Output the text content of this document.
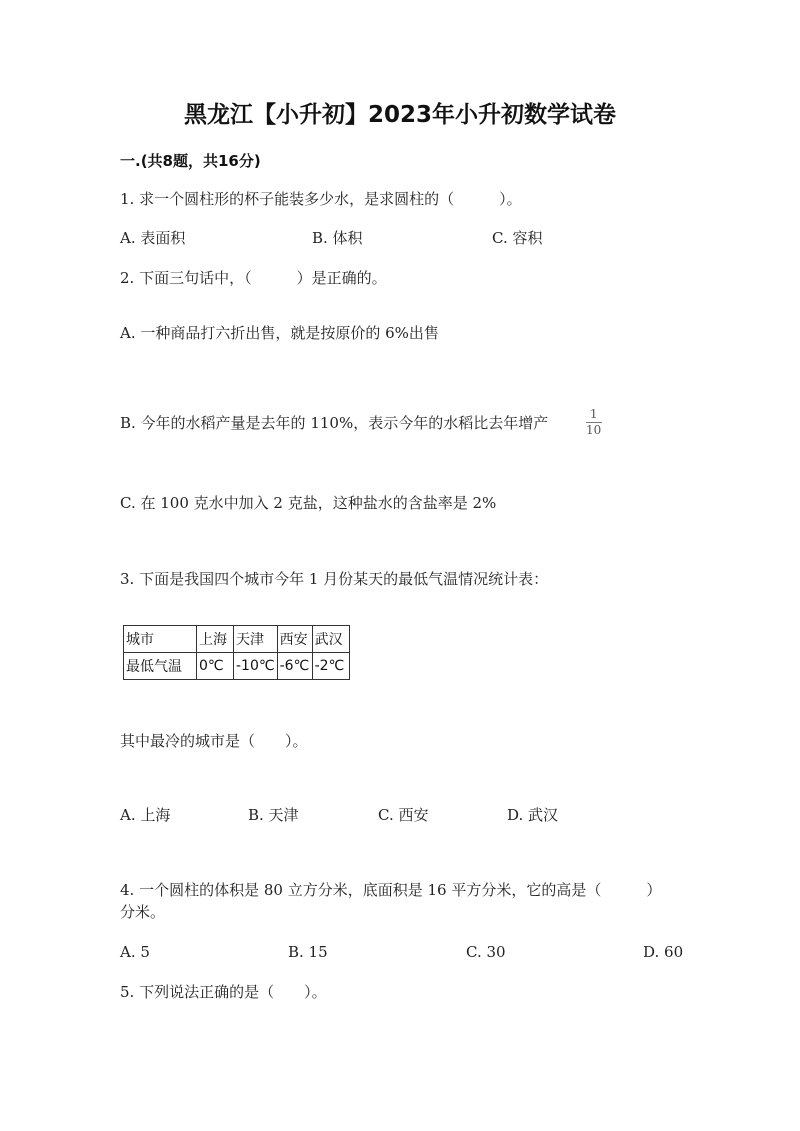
黑龙江【小升初】2023年小升初数学试卷
一.(共8题，共16分)
1. 求一个圆柱形的杯子能装多少水，是求圆柱的（　　　）。
A. 表面积	B. 体积	C. 容积
2. 下面三句话中，（　　　）是正确的。
A. 一种商品打六折出售，就是按原价的 6%出售
B. 今年的水稻产量是去年的 110%，表示今年的水稻比去年增产	1
10
C. 在 100 克水中加入 2 克盐，这种盐水的含盐率是 2%
3. 下面是我国四个城市今年 1 月份某天的最低气温情况统计表：
城市	上海	天津	西安	武汉
最低气温	0℃	-10℃	-6℃	-2℃
其中最冷的城市是（　　）。
A. 上海	B. 天津	C. 西安	D. 武汉
4. 一个圆柱的体积是 80 立方分米，底面积是 16 平方分米，它的高是（　　　）
分米。
A. 5	B. 15	C. 30	D. 60
5. 下列说法正确的是（　　）。
